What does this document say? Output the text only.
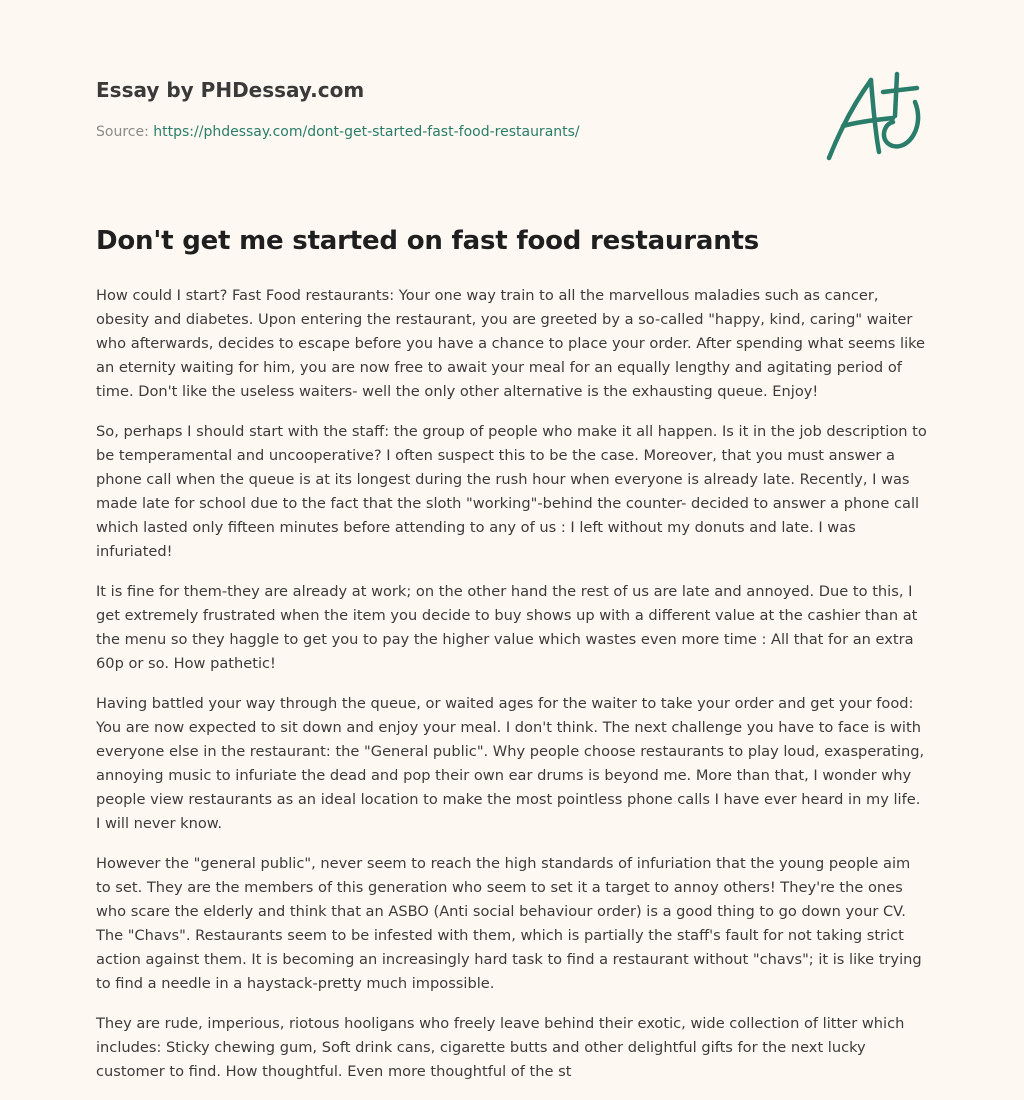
Essay by PHDessay.com
Source: https://phdessay.com/dont-get-started-fast-food-restaurants/
Don't get me started on fast food restaurants

How could I start? Fast Food restaurants: Your one way train to all the marvellous maladies such as cancer, obesity and diabetes. Upon entering the restaurant, you are greeted by a so-called "happy, kind, caring" waiter who afterwards, decides to escape before you have a chance to place your order. After spending what seems like an eternity waiting for him, you are now free to await your meal for an equally lengthy and agitating period of time. Don't like the useless waiters- well the only other alternative is the exhausting queue. Enjoy!

So, perhaps I should start with the staff: the group of people who make it all happen. Is it in the job description to be temperamental and uncooperative? I often suspect this to be the case. Moreover, that you must answer a phone call when the queue is at its longest during the rush hour when everyone is already late. Recently, I was made late for school due to the fact that the sloth "working"-behind the counter- decided to answer a phone call which lasted only fifteen minutes before attending to any of us : I left without my donuts and late. I was infuriated!

It is fine for them-they are already at work; on the other hand the rest of us are late and annoyed. Due to this, I get extremely frustrated when the item you decide to buy shows up with a different value at the cashier than at the menu so they haggle to get you to pay the higher value which wastes even more time : All that for an extra 60p or so. How pathetic!

Having battled your way through the queue, or waited ages for the waiter to take your order and get your food: You are now expected to sit down and enjoy your meal. I don't think. The next challenge you have to face is with everyone else in the restaurant: the "General public". Why people choose restaurants to play loud, exasperating, annoying music to infuriate the dead and pop their own ear drums is beyond me. More than that, I wonder why people view restaurants as an ideal location to make the most pointless phone calls I have ever heard in my life. I will never know.

However the "general public", never seem to reach the high standards of infuriation that the young people aim to set. They are the members of this generation who seem to set it a target to annoy others! They're the ones who scare the elderly and think that an ASBO (Anti social behaviour order) is a good thing to go down your CV. The "Chavs". Restaurants seem to be infested with them, which is partially the staff's fault for not taking strict action against them. It is becoming an increasingly hard task to find a restaurant without "chavs"; it is like trying to find a needle in a haystack-pretty much impossible.

They are rude, imperious, riotous hooligans who freely leave behind their exotic, wide collection of litter which includes: Sticky chewing gum, Soft drink cans, cigarette butts and other delightful gifts for the next lucky customer to find. How thoughtful. Even more thoughtful of the st
